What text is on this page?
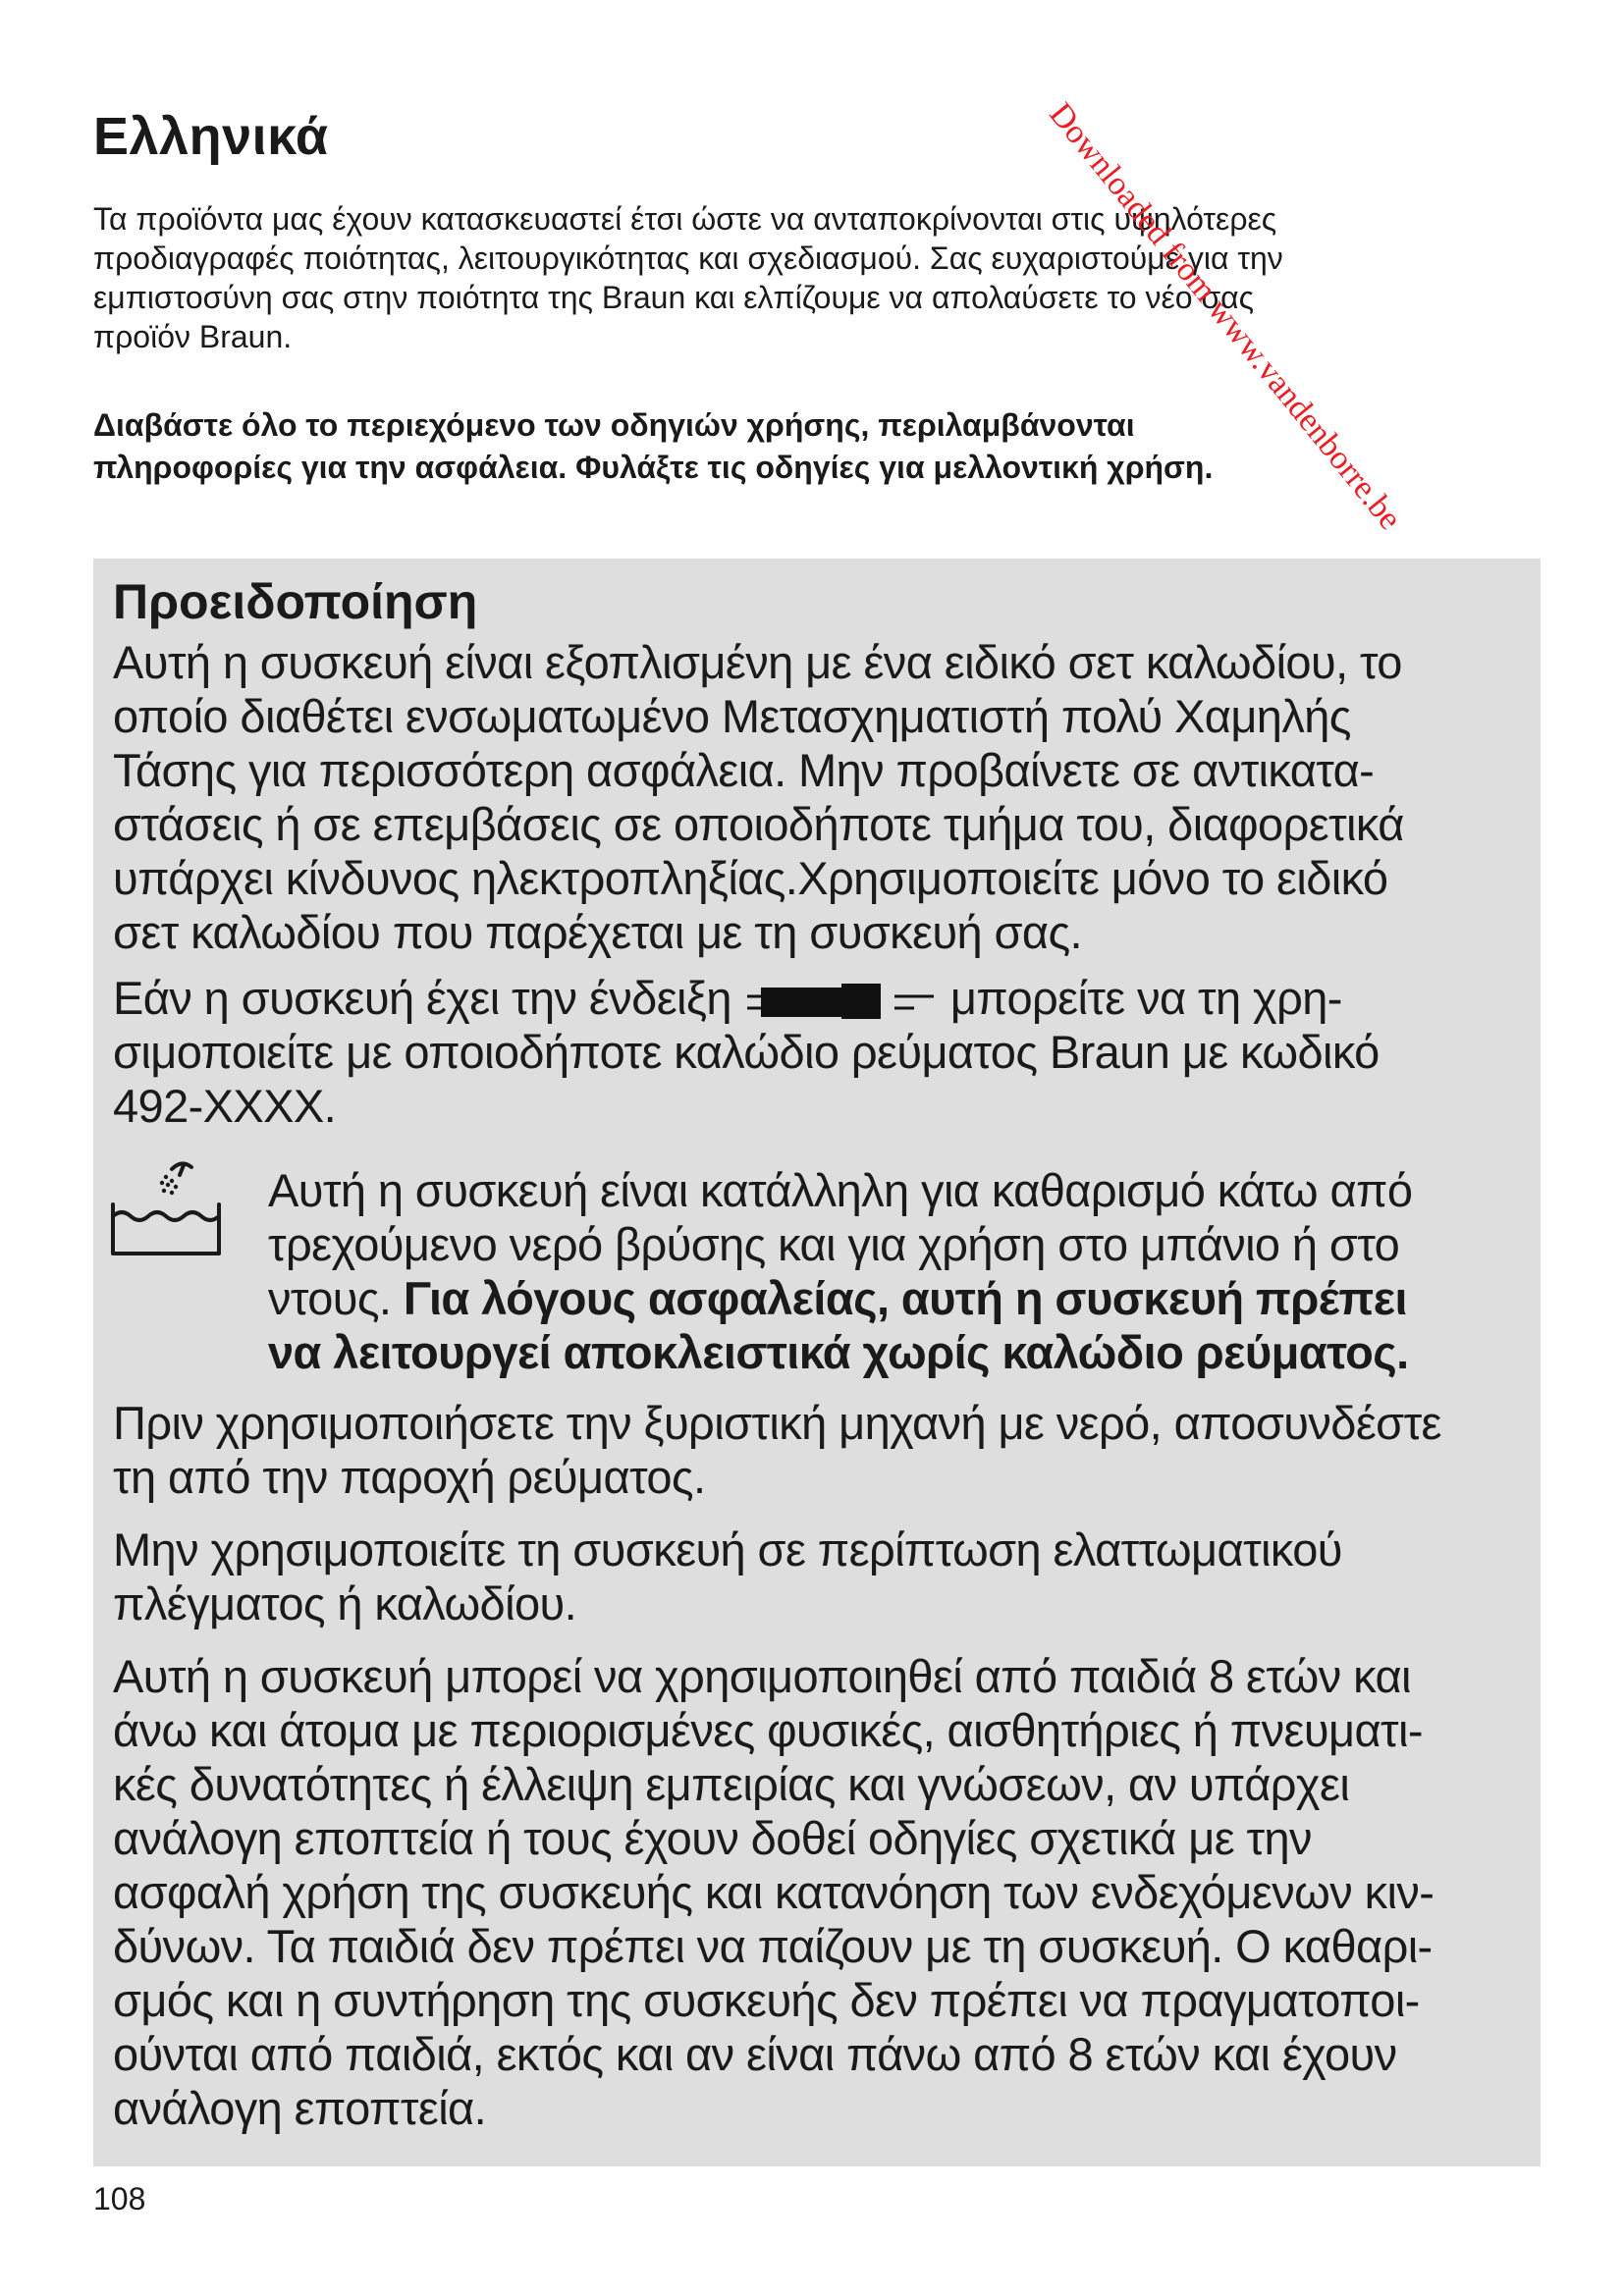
Ελληνικά

Τα προϊόντα μας έχουν κατασκευαστεί έτσι ώστε να ανταποκρίνονται στις υψηλότερες
προδιαγραφές ποιότητας, λειτουργικότητας και σχεδιασμού. Σας ευχαριστούμε για την
εμπιστοσύνη σας στην ποιότητα της Braun και ελπίζουμε να απολαύσετε το νέο σας
προϊόν Braun.

Διαβάστε όλο το περιεχόμενο των οδηγιών χρήσης, περιλαμβάνονται
πληροφορίες για την ασφάλεια. Φυλάξτε τις οδηγίες για μελλοντική χρήση.

Προειδοποίηση

Αυτή η συσκευή είναι εξοπλισμένη με ένα ειδικό σετ καλωδίου, το
οποίο διαθέτει ενσωματωμένο Μετασχηματιστή πολύ Χαμηλής
Τάσης για περισσότερη ασφάλεια. Μην προβαίνετε σε αντικατα-
στάσεις ή σε επεμβάσεις σε οποιοδήποτε τμήμα του, διαφορετικά
υπάρχει κίνδυνος ηλεκτροπληξίας.Χρησιμοποιείτε μόνο το ειδικό
σετ καλωδίου που παρέχεται με τη συσκευή σας.

Εάν η συσκευή έχει την ένδειξη	μπορείτε να τη χρη-
σιμοποιείτε με οποιοδήποτε καλώδιο ρεύματος Braun με κωδικό
492-XXXX.

Αυτή η συσκευή είναι κατάλληλη για καθαρισμό κάτω από
τρεχούμενο νερό βρύσης και για χρήση στο μπάνιο ή στο
ντους. Για λόγους ασφαλείας, αυτή η συσκευή πρέπει
να λειτουργεί αποκλειστικά χωρίς καλώδιο ρεύματος.

Πριν χρησιμοποιήσετε την ξυριστική μηχανή με νερό, αποσυνδέστε
τη από την παροχή ρεύματος.

Μην χρησιμοποιείτε τη συσκευή σε περίπτωση ελαττωματικού
πλέγματος ή καλωδίου.

Αυτή η συσκευή μπορεί να χρησιμοποιηθεί από παιδιά 8 ετών και
άνω και άτομα με περιορισμένες φυσικές, αισθητήριες ή πνευματι-
κές δυνατότητες ή έλλειψη εμπειρίας και γνώσεων, αν υπάρχει
ανάλογη εποπτεία ή τους έχουν δοθεί οδηγίες σχετικά με την
ασφαλή χρήση της συσκευής και κατανόηση των ενδεχόμενων κιν-
δύνων. Τα παιδιά δεν πρέπει να παίζουν με τη συσκευή. Ο καθαρι-
σμός και η συντήρηση της συσκευής δεν πρέπει να πραγματοποι-
ούνται από παιδιά, εκτός και αν είναι πάνω από 8 ετών και έχουν
ανάλογη εποπτεία.

108

Downloaded from www.vandenborre.be
